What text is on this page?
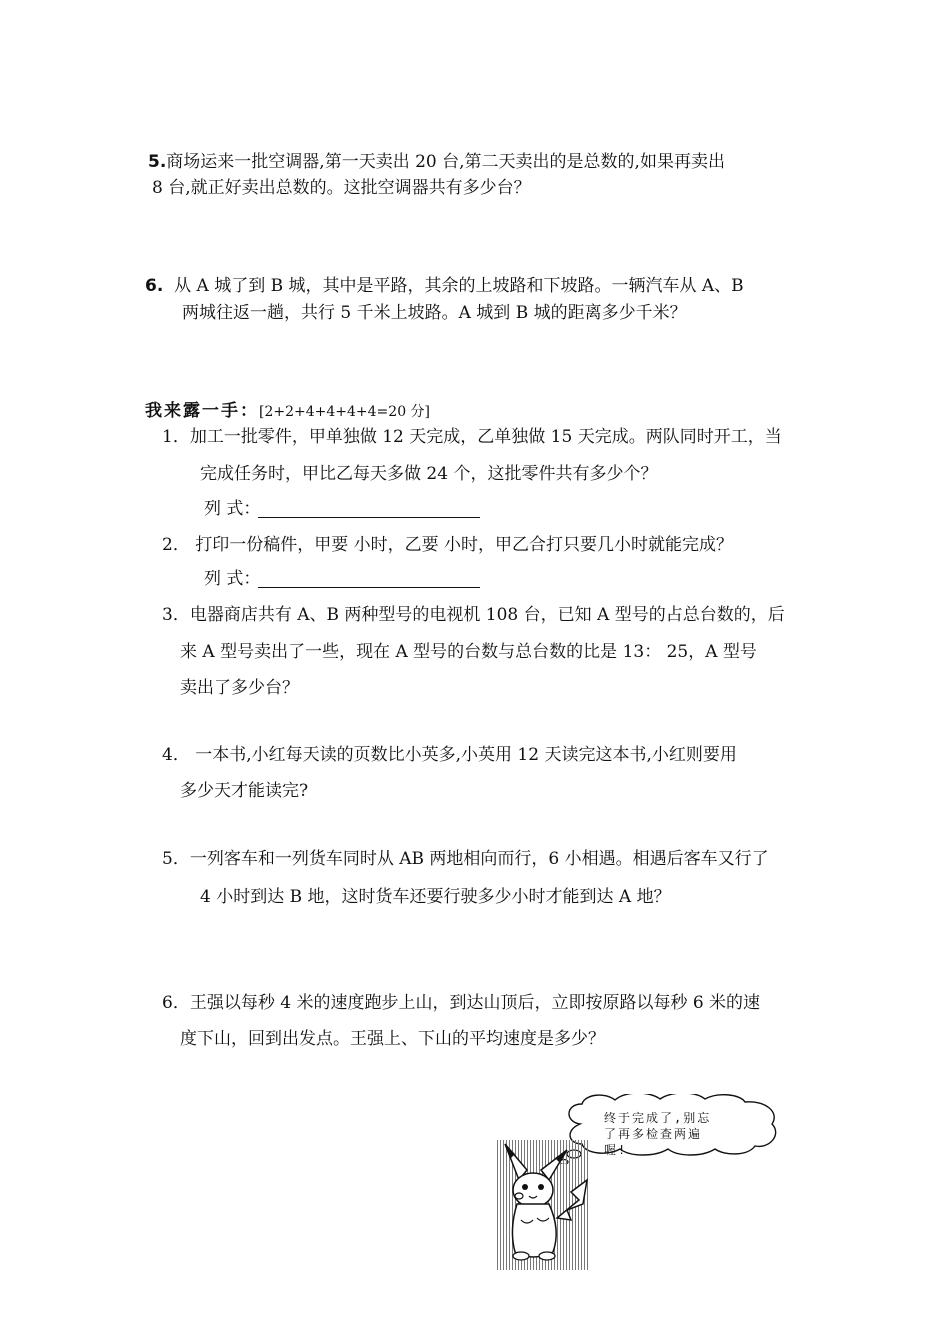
5.商场运来一批空调器,第一天卖出 20 台,第二天卖出的是总数的,如果再卖出
8 台,就正好卖出总数的。这批空调器共有多少台？
6. 从 A 城了到 B 城，其中是平路，其余的上坡路和下坡路。一辆汽车从 A、B
两城往返一趟，共行 5 千米上坡路。A 城到 B 城的距离多少千米？
我来露一手：[2+2+4+4+4+4=20 分]
1．加工一批零件，甲单独做 12 天完成，乙单独做 15 天完成。两队同时开工，当
完成任务时，甲比乙每天多做 24 个，这批零件共有多少个？
列 式：
2． 打印一份稿件，甲要 小时，乙要 小时，甲乙合打只要几小时就能完成？
列 式：
3．电器商店共有 A、B 两种型号的电视机 108 台，已知 A 型号的占总台数的，后
来 A 型号卖出了一些，现在 A 型号的台数与总台数的比是 13： 25，A 型号
卖出了多少台？
4． 一本书,小红每天读的页数比小英多,小英用 12 天读完这本书,小红则要用
多少天才能读完?
5．一列客车和一列货车同时从 AB 两地相向而行，6 小相遇。相遇后客车又行了
4 小时到达 B 地，这时货车还要行驶多少小时才能到达 A 地？
6．王强以每秒 4 米的速度跑步上山，到达山顶后，立即按原路以每秒 6 米的速
度下山，回到出发点。王强上、下山的平均速度是多少？
终于完成了,别忘
了再多检查两遍
喔!
